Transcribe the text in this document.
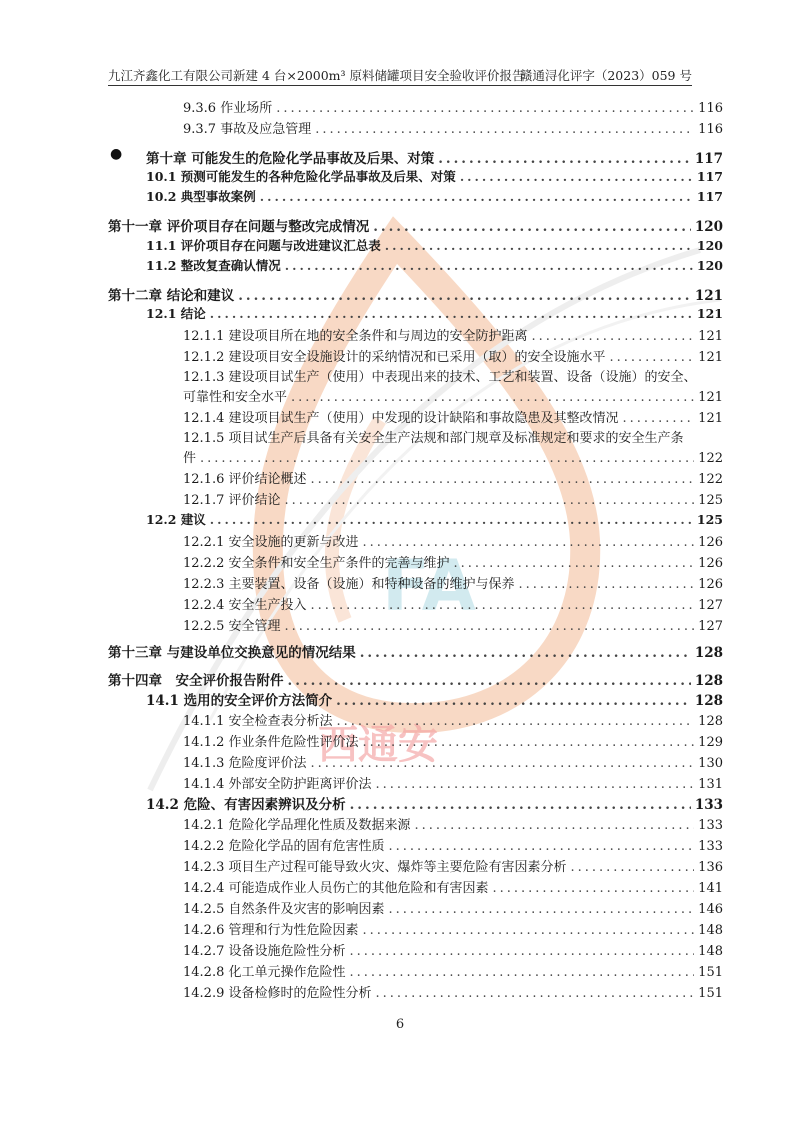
FA
西通安
九江齐鑫化工有限公司新建 4 台×2000m³ 原料储罐项目安全验收评价报告
赣通浔化评字（2023）059 号
9.3.6 作业场所 .....	116
9.3.7 事故及应急管理 .....	116
● 第十章 可能发生的危险化学品事故及后果、对策 .....	117
10.1 预测可能发生的各种危险化学品事故及后果、对策 .....	117
10.2 典型事故案例 .....	117
第十一章 评价项目存在问题与整改完成情况 .....	120
11.1 评价项目存在问题与改进建议汇总表 .....	120
11.2 整改复查确认情况 .....	120
第十二章 结论和建议 .....	121
12.1 结论 .....	121
12.1.1 建设项目所在地的安全条件和与周边的安全防护距离 .....	121
12.1.2 建设项目安全设施设计的采纳情况和已采用（取）的安全设施水平 .....	121
12.1.3 建设项目试生产（使用）中表现出来的技术、工艺和装置、设备（设施）的安全、
可靠性和安全水平 .....	121
12.1.4 建设项目试生产（使用）中发现的设计缺陷和事故隐患及其整改情况 .....	121
12.1.5 项目试生产后具备有关安全生产法规和部门规章及标准规定和要求的安全生产条
件 .....	122
12.1.6 评价结论概述 .....	122
12.1.7 评价结论 .....	125
12.2 建议 .....	125
12.2.1 安全设施的更新与改进 .....	126
12.2.2 安全条件和安全生产条件的完善与维护 .....	126
12.2.3 主要装置、设备（设施）和特种设备的维护与保养 .....	126
12.2.4 安全生产投入 .....	127
12.2.5 安全管理 .....	127
第十三章 与建设单位交换意见的情况结果 .....	128
第十四章　安全评价报告附件 .....	128
14.1 选用的安全评价方法简介 .....	128
14.1.1 安全检查表分析法 .....	128
14.1.2 作业条件危险性评价法 .....	129
14.1.3 危险度评价法 .....	130
14.1.4 外部安全防护距离评价法 .....	131
14.2 危险、有害因素辨识及分析 .....	133
14.2.1 危险化学品理化性质及数据来源 .....	133
14.2.2 危险化学品的固有危害性质 .....	133
14.2.3 项目生产过程可能导致火灾、爆炸等主要危险有害因素分析 .....	136
14.2.4 可能造成作业人员伤亡的其他危险和有害因素 .....	141
14.2.5 自然条件及灾害的影响因素 .....	146
14.2.6 管理和行为性危险因素 .....	148
14.2.7 设备设施危险性分析 .....	148
14.2.8 化工单元操作危险性 .....	151
14.2.9 设备检修时的危险性分析 .....	151
6
